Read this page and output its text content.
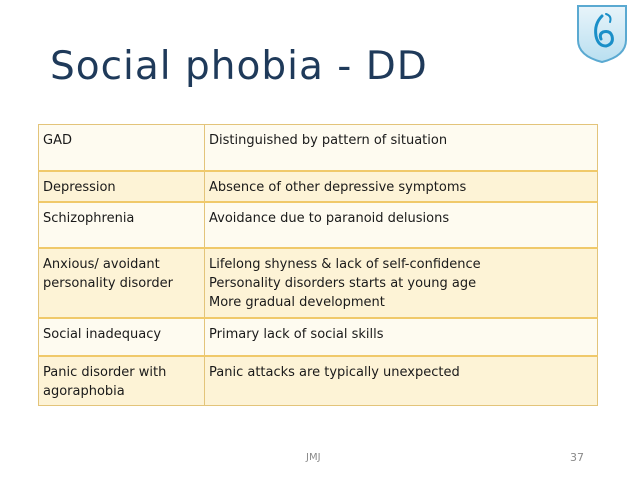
Social phobia - DD
GAD	Distinguished by pattern of situation

Depression	Absence of other depressive symptoms

Schizophrenia	Avoidance due to paranoid delusions

Anxious/ avoidant
personality disorder	Lifelong shyness & lack of self-confidence
Personality disorders starts at young age
More gradual development

Social inadequacy	Primary lack of social skills

Panic disorder with
agoraphobia	Panic attacks are typically unexpected
JMJ	37
